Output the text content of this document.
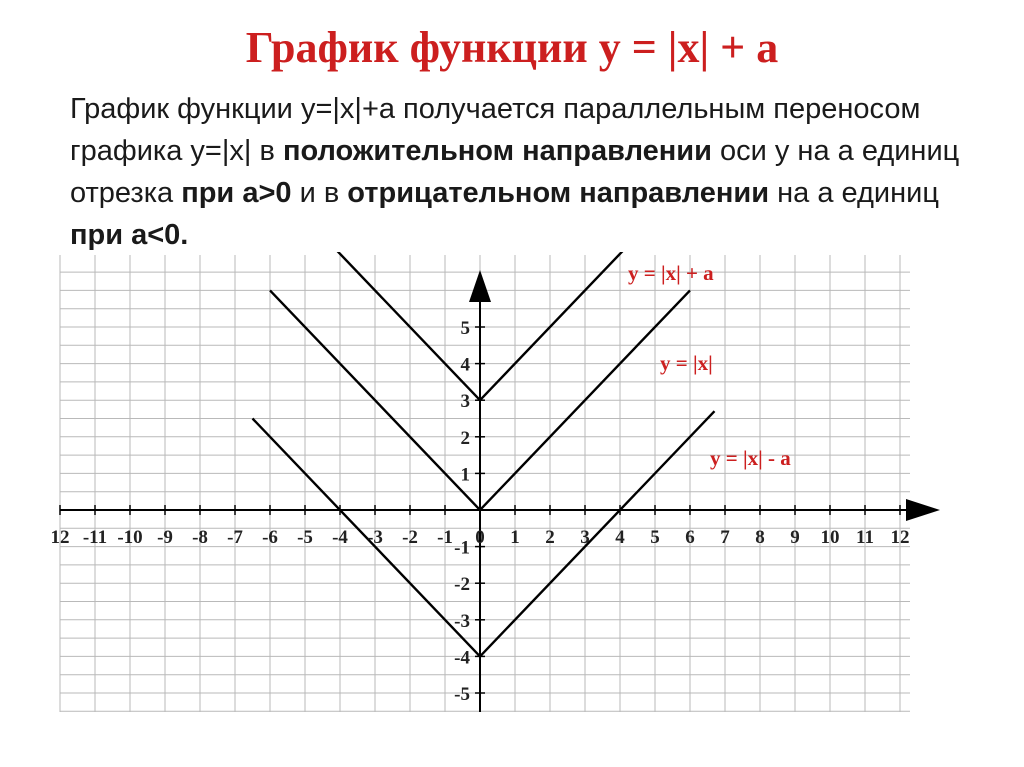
График функции y = |x| + a

График функции y=|x|+a получается параллельным переносом графика y=|x| в положительном направлении оси у на а единиц отрезка при а>0 и в отрицательном направлении на а единиц при а<0.

12 -11 -10 -9 -8 -7 -6 -5 -4 -3 -2 -1 0 1 2 3 4 5 6 7 8 9 10 11 12
-5
-4
-3
-2
-1
1
2
3
4
5
y = |x| + a
y = |x|
y = |x| - a
